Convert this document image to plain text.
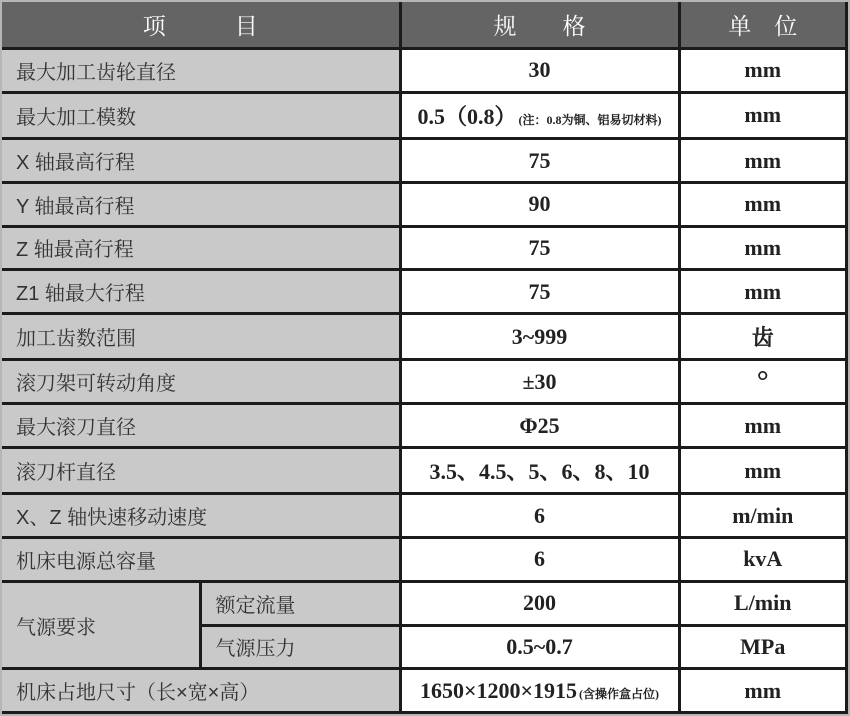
项　　　目		规　　格	单　位
最大加工齿轮直径		30	mm
最大加工模数		0.5（0.8） (注：0.8为铜、铝易切材料)	mm
X 轴最高行程		75	mm
Y 轴最高行程		90	mm
Z 轴最高行程		75	mm
Z1 轴最大行程		75	mm
加工齿数范围		3~999	齿
滚刀架可转动角度		±30	°
最大滚刀直径		Φ25	mm
滚刀杆直径		3.5、4.5、5、6、8、10	mm
X、Z 轴快速移动速度		6	m/min
机床电源总容量		6	kvA
气源要求	额定流量	200	L/min
	气源压力	0.5~0.7	MPa
机床占地尺寸（长×宽×高）		1650×1200×1915 (含操作盒占位)	mm
